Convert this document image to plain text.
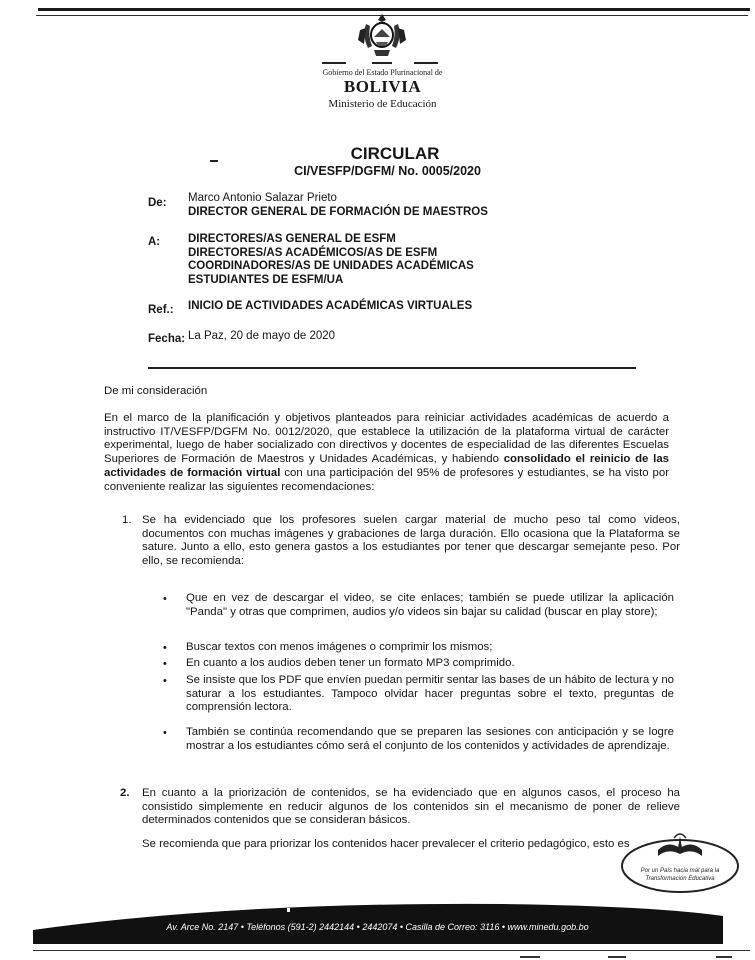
Gobierno del Estado Plurinacional de
BOLIVIA
Ministerio de Educación
CIRCULAR
CI/VESFP/DGFM/ No. 0005/2020
De: Marco Antonio Salazar Prieto
DIRECTOR GENERAL DE FORMACIÓN DE MAESTROS
A: DIRECTORES/AS GENERAL DE ESFM
DIRECTORES/AS ACADÉMICOS/AS DE ESFM
COORDINADORES/AS DE UNIDADES ACADÉMICAS
ESTUDIANTES DE ESFM/UA
Ref.: INICIO DE ACTIVIDADES ACADÉMICAS VIRTUALES
Fecha: La Paz, 20 de mayo de 2020
De mi consideración
En el marco de la planificación y objetivos planteados para reiniciar actividades académicas de acuerdo a instructivo IT/VESFP/DGFM No. 0012/2020, que establece la utilización de la plataforma virtual de carácter experimental, luego de haber socializado con directivos y docentes de especialidad de las diferentes Escuelas Superiores de Formación de Maestros y Unidades Académicas, y habiendo consolidado el reinicio de las actividades de formación virtual con una participación del 95% de profesores y estudiantes, se ha visto por conveniente realizar las siguientes recomendaciones:
1. Se ha evidenciado que los profesores suelen cargar material de mucho peso tal como videos, documentos con muchas imágenes y grabaciones de larga duración. Ello ocasiona que la Plataforma se sature. Junto a ello, esto genera gastos a los estudiantes por tener que descargar semejante peso. Por ello, se recomienda:
• Que en vez de descargar el video, se cite enlaces; también se puede utilizar la aplicación "Panda" y otras que comprimen, audios y/o videos sin bajar su calidad (buscar en play store);
• Buscar textos con menos imágenes o comprimir los mismos;
• En cuanto a los audios deben tener un formato MP3 comprimido.
• Se insiste que los PDF que envíen puedan permitir sentar las bases de un hábito de lectura y no saturar a los estudiantes. Tampoco olvidar hacer preguntas sobre el texto, preguntas de comprensión lectora.
• También se continúa recomendando que se preparen las sesiones con anticipación y se logre mostrar a los estudiantes cómo será el conjunto de los contenidos y actividades de aprendizaje.
2. En cuanto a la priorización de contenidos, se ha evidenciado que en algunos casos, el proceso ha consistido simplemente en reducir algunos de los contenidos sin el mecanismo de poner de relieve determinados contenidos que se consideran básicos.
Se recomienda que para priorizar los contenidos hacer prevalecer el criterio pedagógico, esto es
Por un País hacia mal para la
Transformación Educativa
Av. Arce No. 2147 • Teléfonos (591-2) 2442144 • 2442074 • Casilla de Correo: 3116 • www.minedu.gob.bo
